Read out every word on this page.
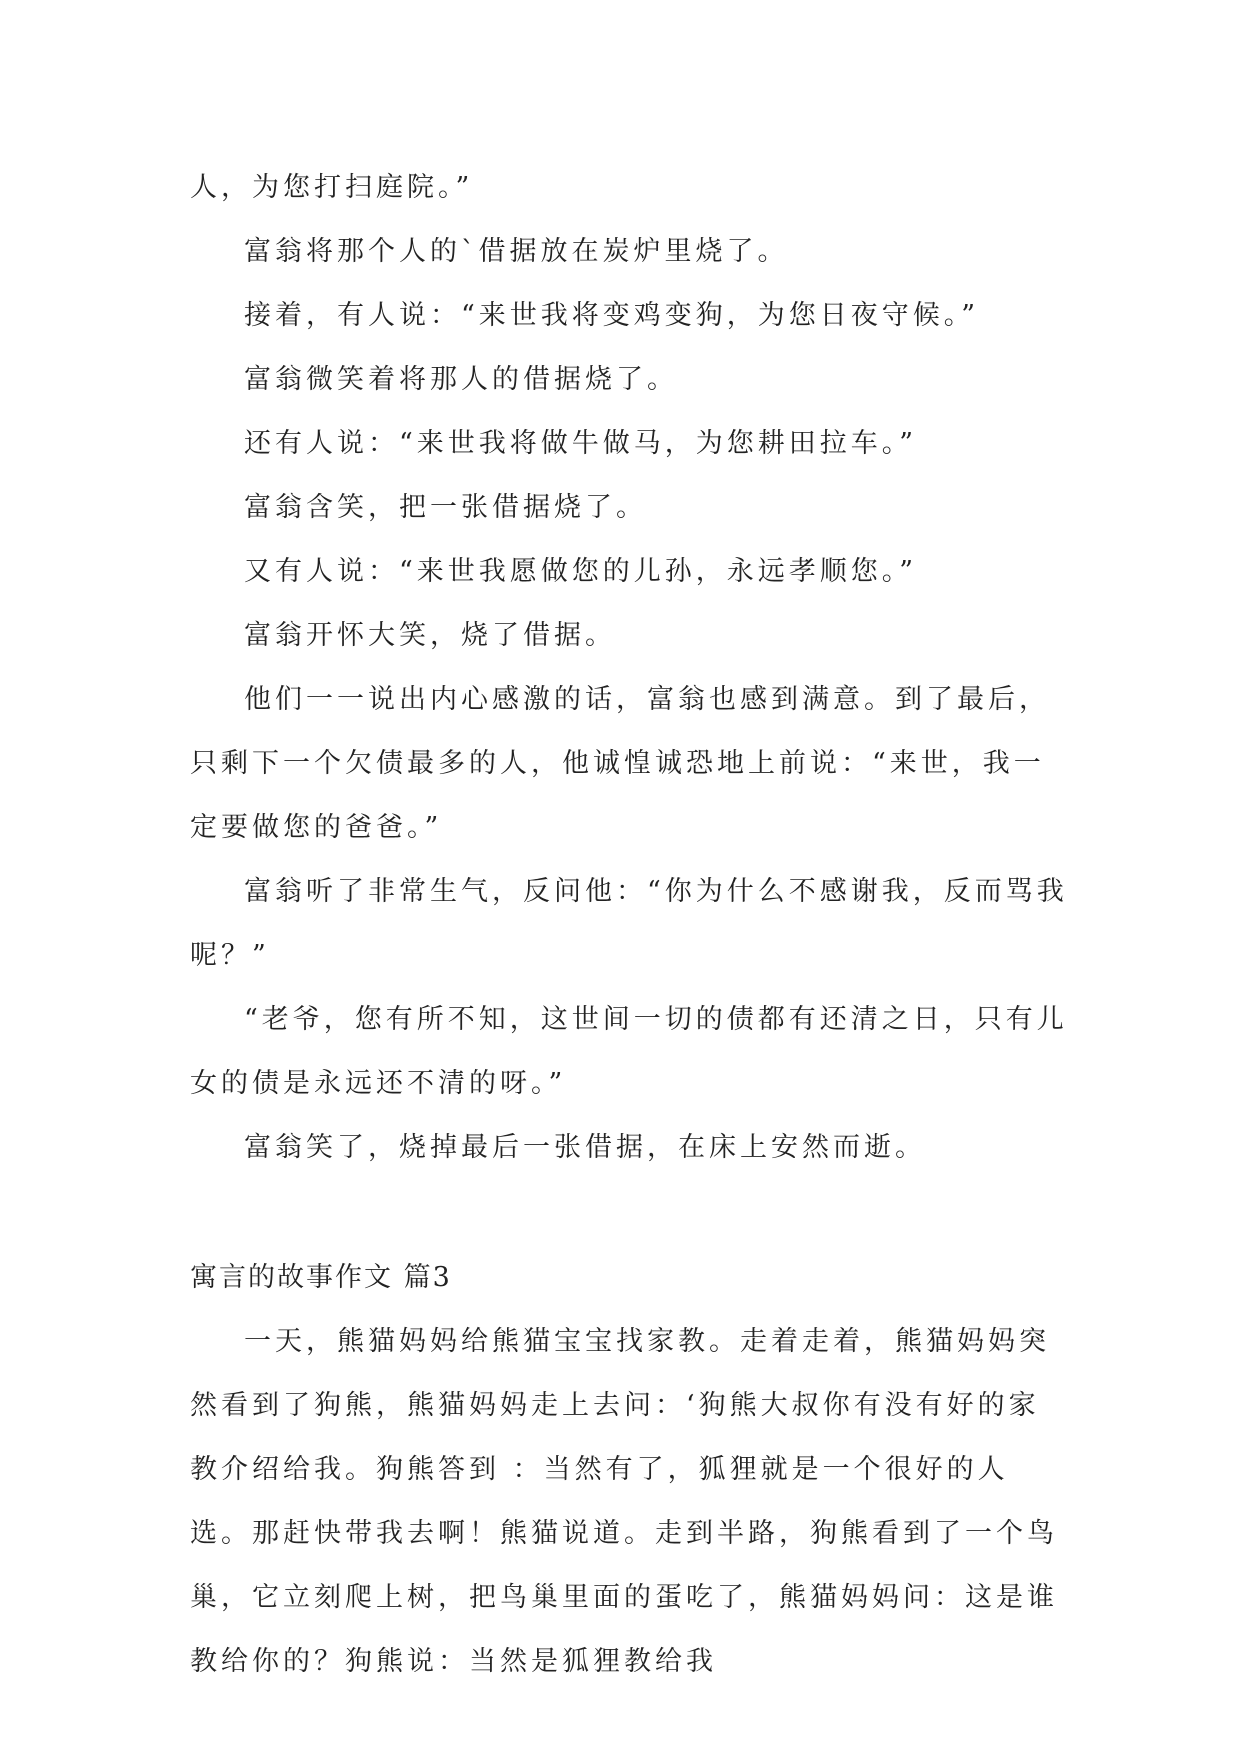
人，为您打扫庭院。”

富翁将那个人的`借据放在炭炉里烧了。

接着，有人说：“来世我将变鸡变狗，为您日夜守候。”

富翁微笑着将那人的借据烧了。

还有人说：“来世我将做牛做马，为您耕田拉车。”

富翁含笑，把一张借据烧了。

又有人说：“来世我愿做您的儿孙，永远孝顺您。”

富翁开怀大笑，烧了借据。

他们一一说出内心感激的话，富翁也感到满意。到了最后，只剩下一个欠债最多的人，他诚惶诚恐地上前说：“来世，我一定要做您的爸爸。”

富翁听了非常生气，反问他：“你为什么不感谢我，反而骂我呢？”

“老爷，您有所不知，这世间一切的债都有还清之日，只有儿女的债是永远还不清的呀。”

富翁笑了，烧掉最后一张借据，在床上安然而逝。

寓言的故事作文 篇3

一天，熊猫妈妈给熊猫宝宝找家教。走着走着，熊猫妈妈突然看到了狗熊，熊猫妈妈走上去问：‘狗熊大叔你有没有好的家教介绍给我。狗熊答到 ：当然有了，狐狸就是一个很好的人选。那赶快带我去啊！熊猫说道。走到半路，狗熊看到了一个鸟巢，它立刻爬上树，把鸟巢里面的蛋吃了，熊猫妈妈问：这是谁教给你的？狗熊说：当然是狐狸教给我
